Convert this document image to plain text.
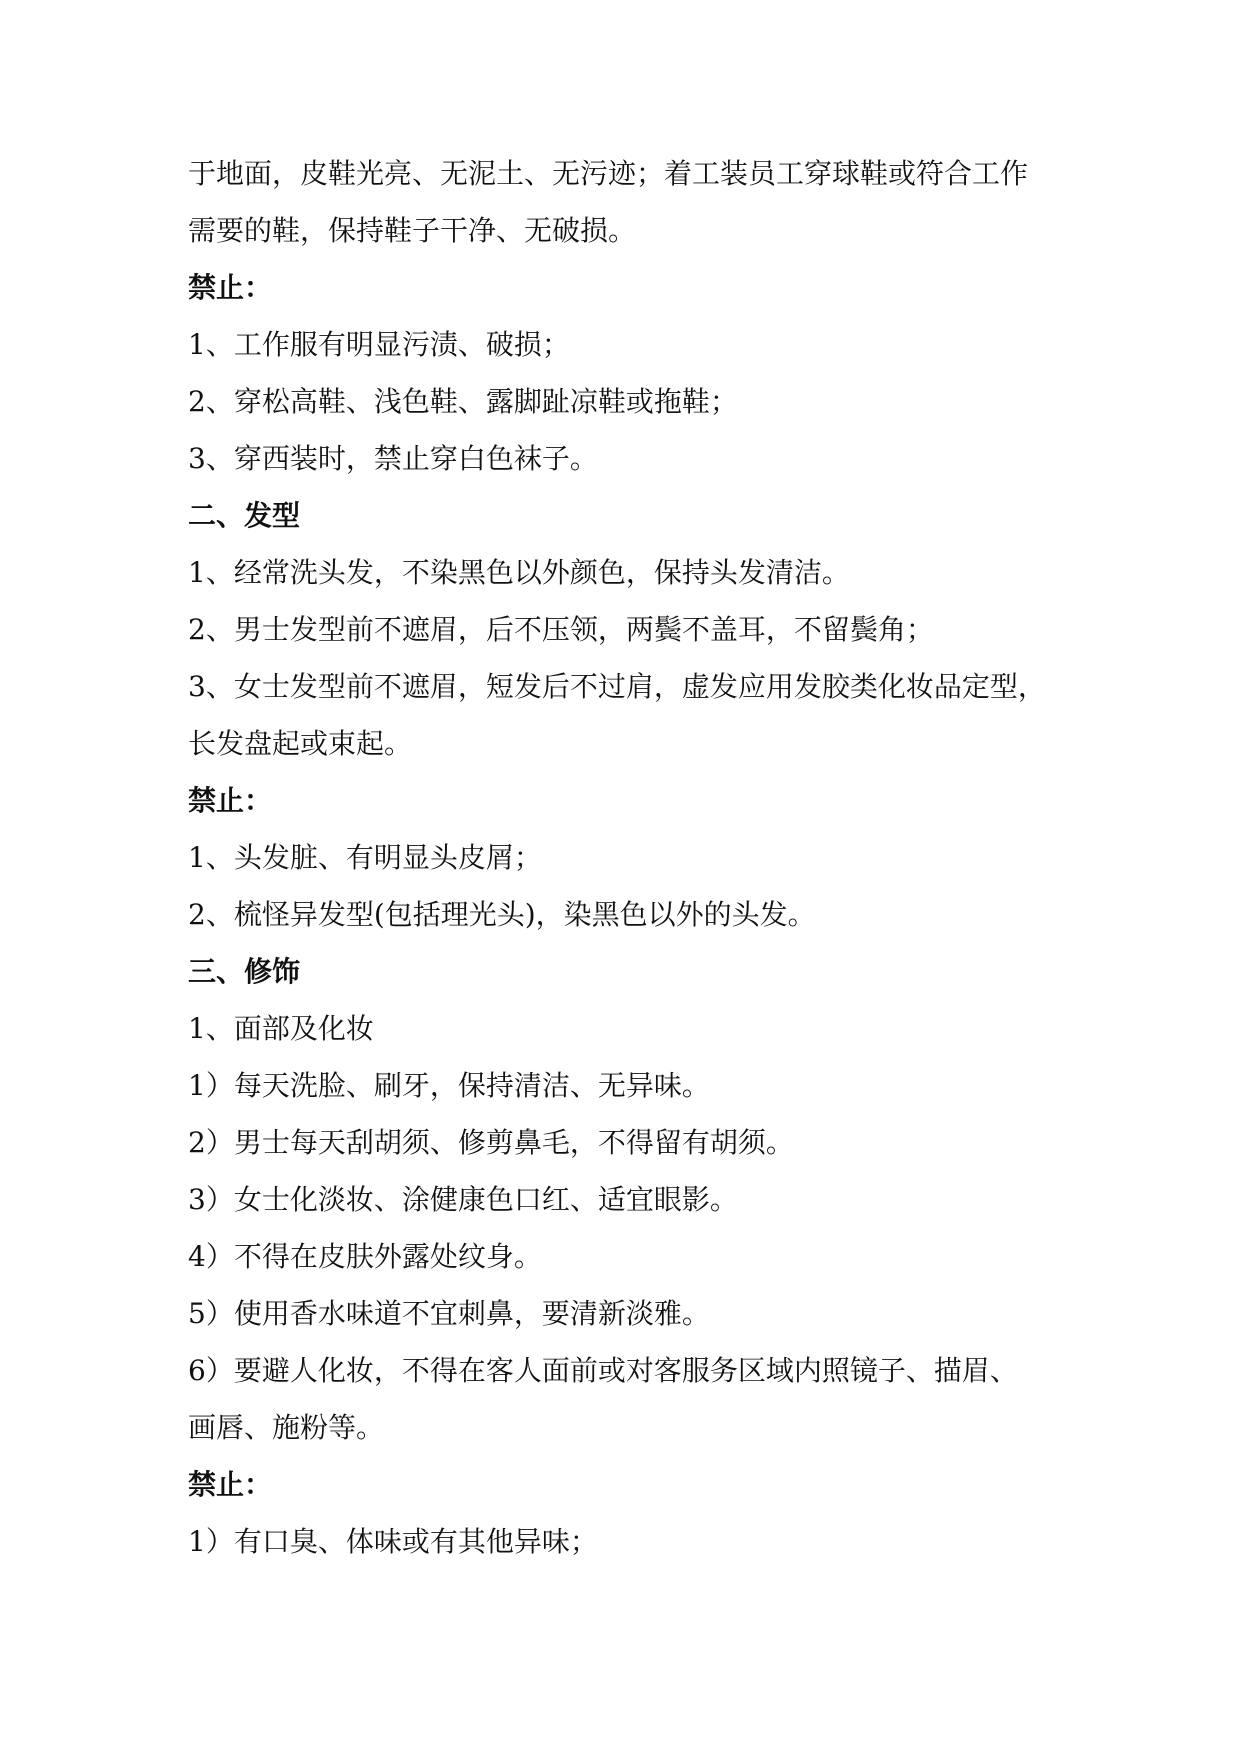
于地面，皮鞋光亮、无泥土、无污迹；着工装员工穿球鞋或符合工作

需要的鞋，保持鞋子干净、无破损。

禁止：

1、工作服有明显污渍、破损；

2、穿松高鞋、浅色鞋、露脚趾凉鞋或拖鞋；

3、穿西装时，禁止穿白色袜子。

二、发型

1、经常洗头发，不染黑色以外颜色，保持头发清洁。

2、男士发型前不遮眉，后不压领，两鬓不盖耳，不留鬓角；

3、女士发型前不遮眉，短发后不过肩，虚发应用发胶类化妆品定型，

长发盘起或束起。

禁止：

1、头发脏、有明显头皮屑；

2、梳怪异发型(包括理光头)，染黑色以外的头发。

三、修饰

1、面部及化妆

1）每天洗脸、刷牙，保持清洁、无异味。

2）男士每天刮胡须、修剪鼻毛，不得留有胡须。

3）女士化淡妆、涂健康色口红、适宜眼影。

4）不得在皮肤外露处纹身。

5）使用香水味道不宜刺鼻，要清新淡雅。

6）要避人化妆，不得在客人面前或对客服务区域内照镜子、描眉、

画唇、施粉等。

禁止：

1）有口臭、体味或有其他异味；
